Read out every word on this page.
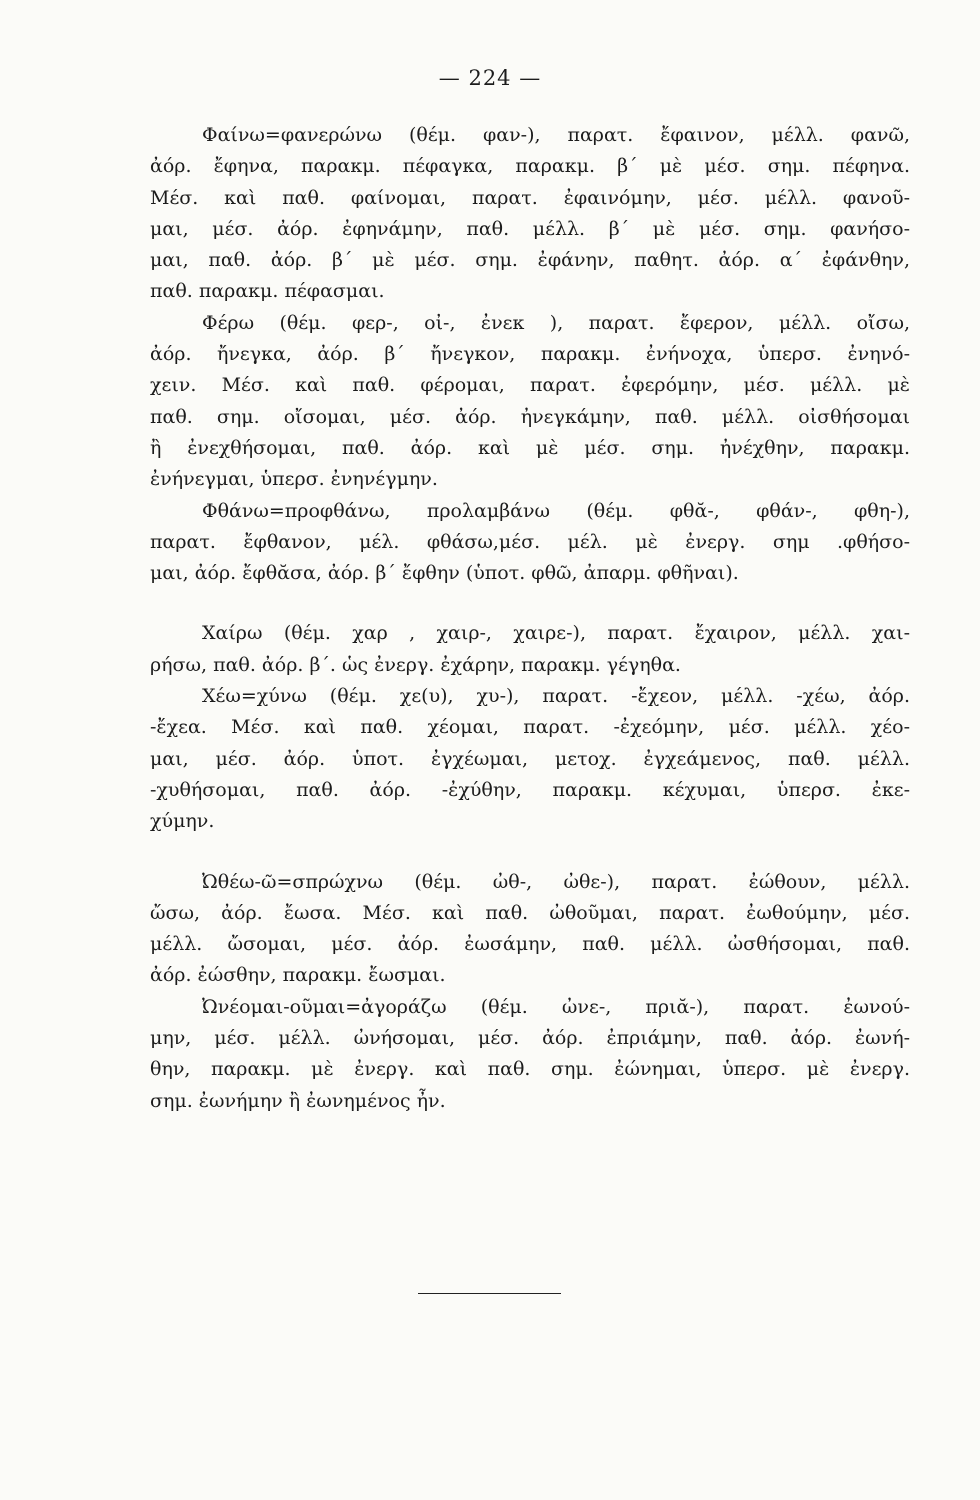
— 224 —
Φαίνω=φανερώνω (θέμ. φαν-), παρατ. ἔφαινον, μέλλ. φανῶ,
ἀόρ. ἔφηνα, παρακμ. πέφαγκα, παρακμ. β΄ μὲ μέσ. σημ. πέφηνα.
Μέσ. καὶ παθ. φαίνομαι, παρατ. ἐφαινόμην, μέσ. μέλλ. φανοῦ-
μαι, μέσ. ἀόρ. ἐφηνάμην, παθ. μέλλ. β΄ μὲ μέσ. σημ. φανήσο-
μαι, παθ. ἀόρ. β΄ μὲ μέσ. σημ. ἐφάνην, παθητ. ἀόρ. α΄ ἐφάνθην,
παθ. παρακμ. πέφασμαι.
Φέρω (θέμ. φερ-, οἰ-, ἐνεκ ), παρατ. ἔφερον, μέλλ. οἴσω,
ἀόρ. ἤνεγκα, ἀόρ. β΄ ἤνεγκον, παρακμ. ἐνήνοχα, ὑπερσ. ἐνηνό-
χειν. Μέσ. καὶ παθ. φέρομαι, παρατ. ἐφερόμην, μέσ. μέλλ. μὲ
παθ. σημ. οἴσομαι, μέσ. ἀόρ. ἠνεγκάμην, παθ. μέλλ. οἰσθήσομαι
ἢ ἐνεχθήσομαι, παθ. ἀόρ. καὶ μὲ μέσ. σημ. ἠνέχθην, παρακμ.
ἐνήνεγμαι, ὑπερσ. ἐνηνέγμην.
Φθάνω=προφθάνω, προλαμβάνω (θέμ. φθᾰ-, φθάν-, φθη-),
παρατ. ἔφθανον, μέλ. φθάσω,μέσ. μέλ. μὲ ἐνεργ. σημ .φθήσο-
μαι, ἀόρ. ἔφθᾰσα, ἀόρ. β΄ ἔφθην (ὑποτ. φθῶ, ἀπαρμ. φθῆναι).
Χαίρω (θέμ. χαρ , χαιρ-, χαιρε-), παρατ. ἔχαιρον, μέλλ. χαι-
ρήσω, παθ. ἀόρ. β΄. ὡς ἐνεργ. ἐχάρην, παρακμ. γέγηθα.
Χέω=χύνω (θέμ. χε(υ), χυ-), παρατ. -ἔχεον, μέλλ. -χέω, ἀόρ.
-ἔχεα. Μέσ. καὶ παθ. χέομαι, παρατ. -ἐχεόμην, μέσ. μέλλ. χέο-
μαι, μέσ. ἀόρ. ὑποτ. ἐγχέωμαι, μετοχ. ἐγχεάμενος, παθ. μέλλ.
-χυθήσομαι, παθ. ἀόρ. -ἐχύθην, παρακμ. κέχυμαι, ὑπερσ. ἐκε-
χύμην.
Ὠθέω-ῶ=σπρώχνω (θέμ. ὠθ-, ὠθε-), παρατ. ἐώθουν, μέλλ.
ὤσω, ἀόρ. ἔωσα. Μέσ. καὶ παθ. ὠθοῦμαι, παρατ. ἐωθούμην, μέσ.
μέλλ. ὤσομαι, μέσ. ἀόρ. ἐωσάμην, παθ. μέλλ. ὠσθήσομαι, παθ.
ἀόρ. ἐώσθην, παρακμ. ἔωσμαι.
Ὠνέομαι-οῦμαι=ἀγοράζω (θέμ. ὠνε-, πριᾰ-), παρατ. ἐωνού-
μην, μέσ. μέλλ. ὠνήσομαι, μέσ. ἀόρ. ἐπριάμην, παθ. ἀόρ. ἐωνή-
θην, παρακμ. μὲ ἐνεργ. καὶ παθ. σημ. ἐώνημαι, ὑπερσ. μὲ ἐνεργ.
σημ. ἐωνήμην ἢ ἐωνημένος ἦν.
